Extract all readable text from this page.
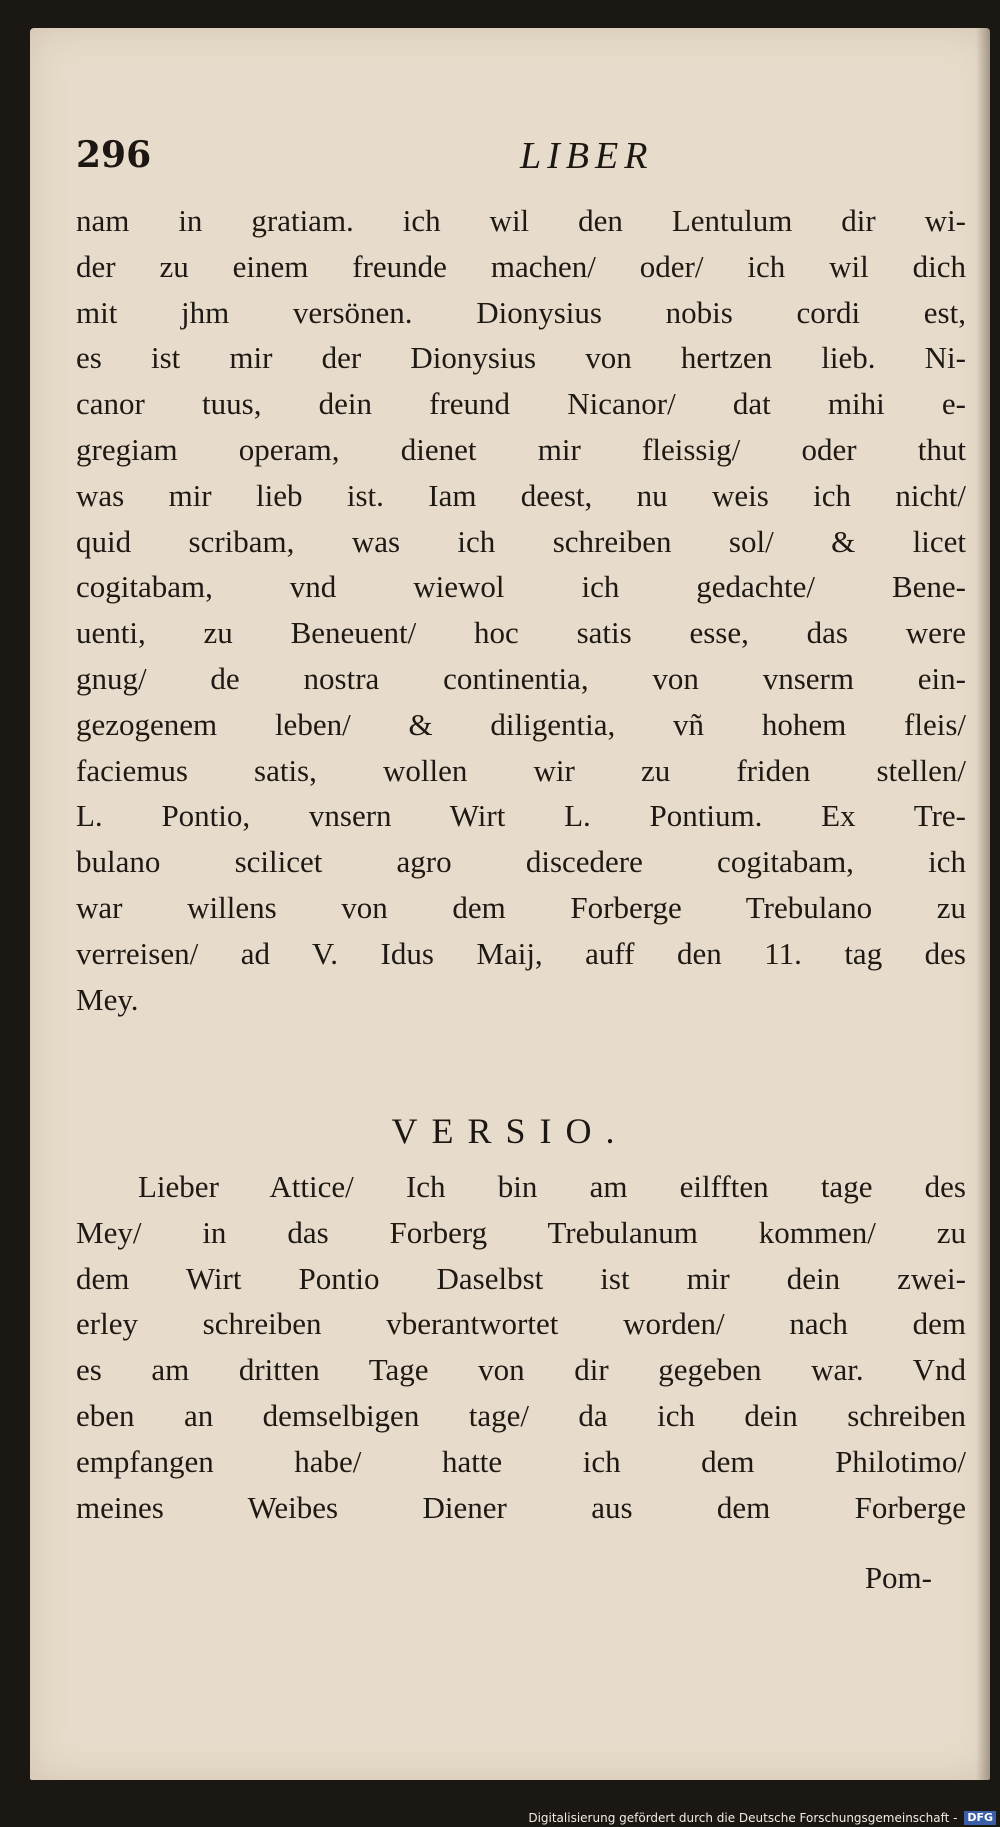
296	LIBER
nam in gratiam. ich wil den Lentulum dir wi-
der zu einem freunde machen/ oder/ ich wil dich
mit jhm versönen. Dionysius nobis cordi est,
es ist mir der Dionysius von hertzen lieb. Ni-
canor tuus, dein freund Nicanor/ dat mihi e-
gregiam operam, dienet mir fleissig/ oder thut
was mir lieb ist. Iam deest, nu weis ich nicht/
quid scribam, was ich schreiben sol/ & licet
cogitabam, vnd wiewol ich gedachte/ Bene-
uenti, zu Beneuent/ hoc satis esse, das were
gnug/ de nostra continentia, von vnserm ein-
gezogenem leben/ & diligentia, vñ hohem fleis/
faciemus satis, wollen wir zu friden stellen/
L. Pontio, vnsern Wirt L. Pontium. Ex Tre-
bulano scilicet agro discedere cogitabam, ich
war willens von dem Forberge Trebulano zu
verreisen/ ad V. Idus Maij, auff den 11. tag des
Mey.
VERSIO.
Lieber Attice/ Ich bin am eilfften tage des
Mey/ in das Forberg Trebulanum kommen/ zu
dem Wirt Pontio Daselbst ist mir dein zwei-
erley schreiben vberantwortet worden/ nach dem
es am dritten Tage von dir gegeben war. Vnd
eben an demselbigen tage/ da ich dein schreiben
empfangen habe/ hatte ich dem Philotimo/
meines Weibes Diener aus dem Forberge
Pom-
Digitalisierung gefördert durch die Deutsche Forschungsgemeinschaft - DFG
